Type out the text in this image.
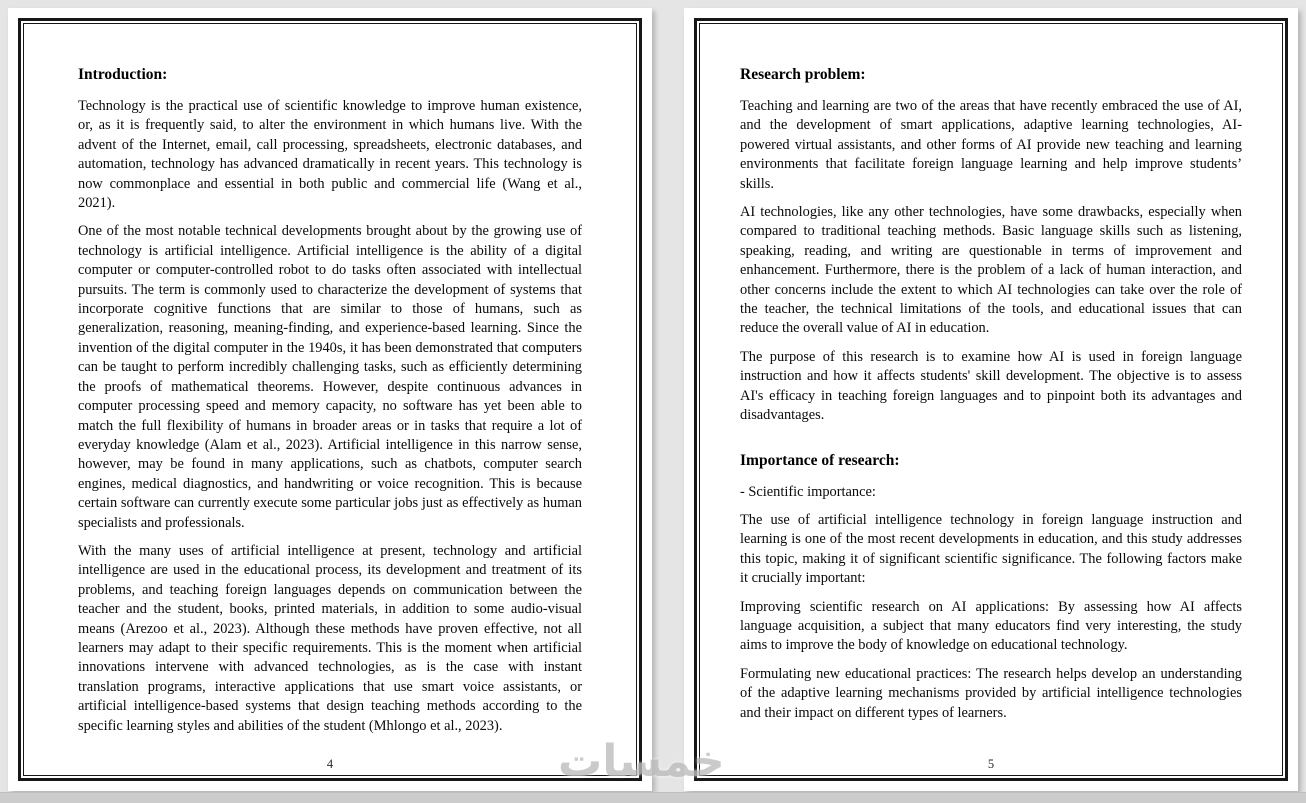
Introduction:

Technology is the practical use of scientific knowledge to improve human existence, or, as it is frequently said, to alter the environment in which humans live. With the advent of the Internet, email, call processing, spreadsheets, electronic databases, and automation, technology has advanced dramatically in recent years. This technology is now commonplace and essential in both public and commercial life (Wang et al., 2021).

One of the most notable technical developments brought about by the growing use of technology is artificial intelligence. Artificial intelligence is the ability of a digital computer or computer-controlled robot to do tasks often associated with intellectual pursuits. The term is commonly used to characterize the development of systems that incorporate cognitive functions that are similar to those of humans, such as generalization, reasoning, meaning-finding, and experience-based learning. Since the invention of the digital computer in the 1940s, it has been demonstrated that computers can be taught to perform incredibly challenging tasks, such as efficiently determining the proofs of mathematical theorems. However, despite continuous advances in computer processing speed and memory capacity, no software has yet been able to match the full flexibility of humans in broader areas or in tasks that require a lot of everyday knowledge (Alam et al., 2023). Artificial intelligence in this narrow sense, however, may be found in many applications, such as chatbots, computer search engines, medical diagnostics, and handwriting or voice recognition. This is because certain software can currently execute some particular jobs just as effectively as human specialists and professionals.

With the many uses of artificial intelligence at present, technology and artificial intelligence are used in the educational process, its development and treatment of its problems, and teaching foreign languages depends on communication between the teacher and the student, books, printed materials, in addition to some audio-visual means (Arezoo et al., 2023). Although these methods have proven effective, not all learners may adapt to their specific requirements. This is the moment when artificial innovations intervene with advanced technologies, as is the case with instant translation programs, interactive applications that use smart voice assistants, or artificial intelligence-based systems that design teaching methods according to the specific learning styles and abilities of the student (Mhlongo et al., 2023).

4
Research problem:

Teaching and learning are two of the areas that have recently embraced the use of AI, and the development of smart applications, adaptive learning technologies, AI-powered virtual assistants, and other forms of AI provide new teaching and learning environments that facilitate foreign language learning and help improve students’ skills.

AI technologies, like any other technologies, have some drawbacks, especially when compared to traditional teaching methods. Basic language skills such as listening, speaking, reading, and writing are questionable in terms of improvement and enhancement. Furthermore, there is the problem of a lack of human interaction, and other concerns include the extent to which AI technologies can take over the role of the teacher, the technical limitations of the tools, and educational issues that can reduce the overall value of AI in education.

The purpose of this research is to examine how AI is used in foreign language instruction and how it affects students' skill development. The objective is to assess AI's efficacy in teaching foreign languages and to pinpoint both its advantages and disadvantages.

Importance of research:
- Scientific importance:

The use of artificial intelligence technology in foreign language instruction and learning is one of the most recent developments in education, and this study addresses this topic, making it of significant scientific significance. The following factors make it crucially important:

Improving scientific research on AI applications: By assessing how AI affects language acquisition, a subject that many educators find very interesting, the study aims to improve the body of knowledge on educational technology.

Formulating new educational practices: The research helps develop an understanding of the adaptive learning mechanisms provided by artificial intelligence technologies and their impact on different types of learners.

5
خمسات
